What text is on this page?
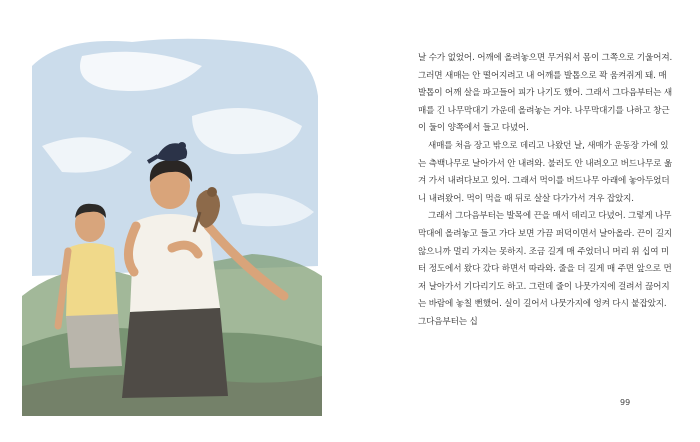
날 수가 없었어. 어깨에 올려놓으면 무거워서 몸이 그쪽으로 기울어져. 그러면 새매는 안 떨어지려고 내 어깨를 발톱으로 꽉 움켜쥐게 돼. 매 발톱이 어깨 살을 파고들어 피가 나기도 했어. 그래서 그다음부터는 새매를 긴 나무막대기 가운데 올려놓는 거야. 나무막대기를 나하고 창근이 둘이 양쪽에서 들고 다녔어.

새매를 처음 장고 밖으로 데리고 나왔던 날, 새매가 운동장 가에 있는 측백나무로 날아가서 안 내려와. 불러도 안 내려오고 버드나무로 옮겨 가서 내려다보고 있어. 그래서 먹이를 버드나무 아래에 놓아두었더니 내려왔어. 먹이 먹을 때 뒤로 살살 다가가서 겨우 잡았지.

그래서 그다음부터는 발목에 끈을 매서 데리고 다녔어. 그렇게 나무막대에 올려놓고 들고 가다 보면 가끔 퍼덕이면서 날아올라. 끈이 길지 않으니까 멀리 가지는 못하지. 조금 길게 매 주었더니 머리 위 십여 미터 정도에서 왔다 갔다 하면서 따라와. 줄을 더 길게 매 주면 앞으로 먼저 날아가서 기다리기도 하고. 그런데 줄이 나뭇가지에 걸려서 끊어지는 바람에 놓칠 뻔했어. 실이 길어서 나뭇가지에 엉켜 다시 붙잡았지. 그다음부터는 십

99
